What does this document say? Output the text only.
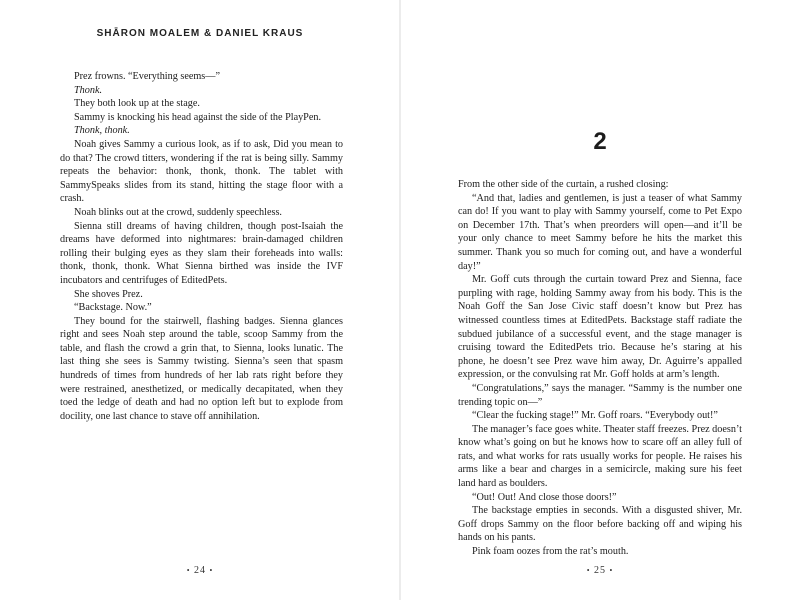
SHĀRON MOALEM & DANIEL KRAUS

Prez frowns. “Everything seems—”

Thonk.

They both look up at the stage.

Sammy is knocking his head against the side of the PlayPen.

Thonk, thonk.

Noah gives Sammy a curious look, as if to ask, Did you mean to do that? The crowd titters, wondering if the rat is being silly. Sammy repeats the behavior: thonk, thonk, thonk. The tablet with SammySpeaks slides from its stand, hitting the stage floor with a crash.

Noah blinks out at the crowd, suddenly speechless.

Sienna still dreams of having children, though post-Isaiah the dreams have deformed into nightmares: brain-damaged children rolling their bulging eyes as they slam their foreheads into walls: thonk, thonk, thonk. What Sienna birthed was inside the IVF incubators and centrifuges of EditedPets.

She shoves Prez.

“Backstage. Now.”

They bound for the stairwell, flashing badges. Sienna glances right and sees Noah step around the table, scoop Sammy from the table, and flash the crowd a grin that, to Sienna, looks lunatic. The last thing she sees is Sammy twisting. Sienna’s seen that spasm hundreds of times from hundreds of her lab rats right before they were restrained, anesthetized, or medically decapitated, when they toed the ledge of death and had no option left but to explode from docility, one last chance to stave off annihilation.

• 24 •
2

From the other side of the curtain, a rushed closing:

“And that, ladies and gentlemen, is just a teaser of what Sammy can do! If you want to play with Sammy yourself, come to Pet Expo on December 17th. That’s when preorders will open—and it’ll be your only chance to meet Sammy before he hits the market this summer. Thank you so much for coming out, and have a wonderful day!”

Mr. Goff cuts through the curtain toward Prez and Sienna, face purpling with rage, holding Sammy away from his body. This is the Noah Goff the San Jose Civic staff doesn’t know but Prez has witnessed countless times at EditedPets. Backstage staff radiate the subdued jubilance of a successful event, and the stage manager is cruising toward the EditedPets trio. Because he’s staring at his phone, he doesn’t see Prez wave him away, Dr. Aguirre’s appalled expression, or the convulsing rat Mr. Goff holds at arm’s length.

“Congratulations,” says the manager. “Sammy is the number one trending topic on—”

“Clear the fucking stage!” Mr. Goff roars. “Everybody out!”

The manager’s face goes white. Theater staff freezes. Prez doesn’t know what’s going on but he knows how to scare off an alley full of rats, and what works for rats usually works for people. He raises his arms like a bear and charges in a semicircle, making sure his feet land hard as boulders.

“Out! Out! And close those doors!”

The backstage empties in seconds. With a disgusted shiver, Mr. Goff drops Sammy on the floor before backing off and wiping his hands on his pants.

Pink foam oozes from the rat’s mouth.

• 25 •
